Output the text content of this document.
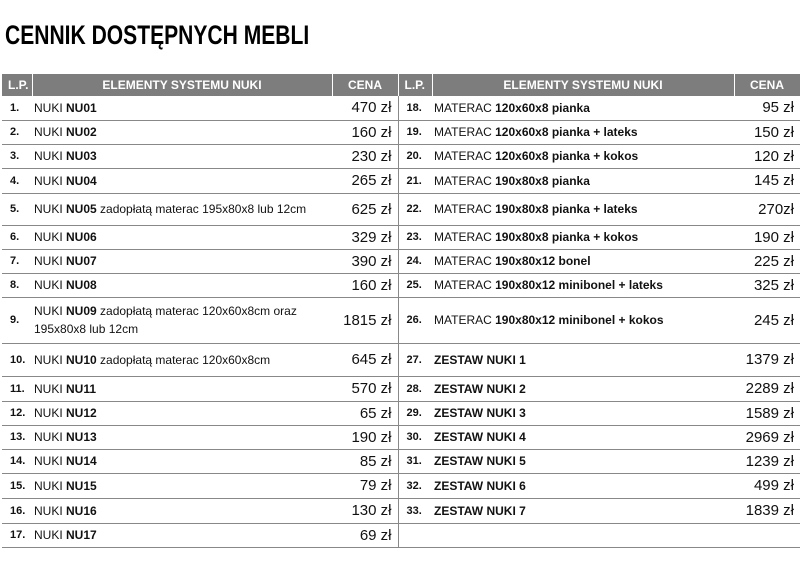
CENNIK DOSTĘPNYCH MEBLI
L.P.	ELEMENTY SYSTEMU NUKI	CENA	L.P.	ELEMENTY SYSTEMU NUKI	CENA
1.	NUKI NU01	470 zł	18.	MATERAC 120x60x8 pianka	95 zł
2.	NUKI NU02	160 zł	19.	MATERAC 120x60x8 pianka + lateks	150 zł
3.	NUKI NU03	230 zł	20.	MATERAC 120x60x8 pianka + kokos	120 zł
4.	NUKI NU04	265 zł	21.	MATERAC 190x80x8 pianka	145 zł
5.	NUKI NU05 zadopłatą materac 195x80x8 lub 12cm	625 zł	22.	MATERAC 190x80x8 pianka + lateks	270zł
6.	NUKI NU06	329 zł	23.	MATERAC 190x80x8 pianka + kokos	190 zł
7.	NUKI NU07	390 zł	24.	MATERAC 190x80x12 bonel	225 zł
8.	NUKI NU08	160 zł	25.	MATERAC 190x80x12 minibonel + lateks	325 zł
9.	NUKI NU09 zadopłatą materac 120x60x8cm oraz 195x80x8 lub 12cm	1815 zł	26.	MATERAC 190x80x12 minibonel + kokos	245 zł
10.	NUKI NU10 zadopłatą materac 120x60x8cm	645 zł	27.	ZESTAW NUKI 1	1379 zł
11.	NUKI NU11	570 zł	28.	ZESTAW NUKI 2	2289 zł
12.	NUKI NU12	65 zł	29.	ZESTAW NUKI 3	1589 zł
13.	NUKI NU13	190 zł	30.	ZESTAW NUKI 4	2969 zł
14.	NUKI NU14	85 zł	31.	ZESTAW NUKI 5	1239 zł
15.	NUKI NU15	79 zł	32.	ZESTAW NUKI 6	499 zł
16.	NUKI NU16	130 zł	33.	ZESTAW NUKI 7	1839 zł
17.	NUKI NU17	69 zł			
